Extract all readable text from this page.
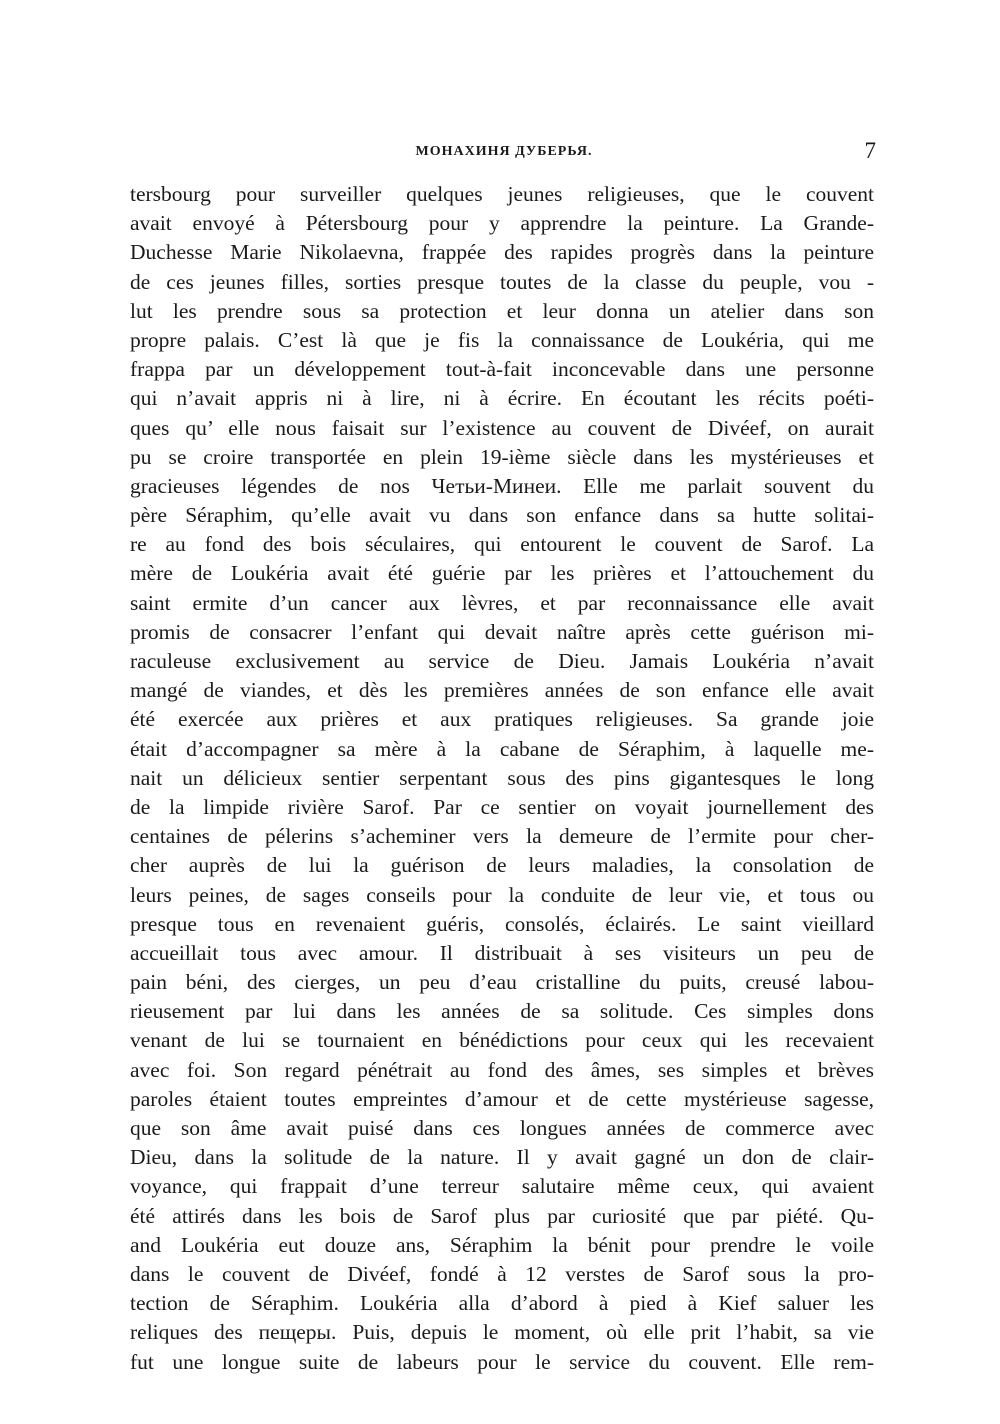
МОНАХИНЯ ДУБЕРЬЯ.	7
tersbourg pour surveiller quelques jeunes religieuses, que le couvent
avait envoyé à Pétersbourg pour y apprendre la peinture. La Grande-
Duchesse Marie Nikolaevna, frappée des rapides progrès dans la peinture
de ces jeunes filles, sorties presque toutes de la classe du peuple, vou -
lut les prendre sous sa protection et leur donna un atelier dans son
propre palais. C’est là que je fis la connaissance de Loukéria, qui me
frappa par un développement tout-à-fait inconcevable dans une personne
qui n’avait appris ni à lire, ni à écrire. En écoutant les récits poéti-
ques qu’ elle nous faisait sur l’existence au couvent de Divéef, on aurait
pu se croire transportée en plein 19-ième siècle dans les mystérieuses et
gracieuses légendes de nos Четьи-Минеи. Elle me parlait souvent du
père Séraphim, qu’elle avait vu dans son enfance dans sa hutte solitai-
re au fond des bois séculaires, qui entourent le couvent de Sarof. La
mère de Loukéria avait été guérie par les prières et l’attouchement du
saint ermite d’un cancer aux lèvres, et par reconnaissance elle avait
promis de consacrer l’enfant qui devait naître après cette guérison mi-
raculeuse exclusivement au service de Dieu. Jamais Loukéria n’avait
mangé de viandes, et dès les premières années de son enfance elle avait
été exercée aux prières et aux pratiques religieuses. Sa grande joie
était d’accompagner sa mère à la cabane de Séraphim, à laquelle me-
nait un délicieux sentier serpentant sous des pins gigantesques le long
de la limpide rivière Sarof. Par ce sentier on voyait journellement des
centaines de pélerins s’acheminer vers la demeure de l’ermite pour cher-
cher auprès de lui la guérison de leurs maladies, la consolation de
leurs peines, de sages conseils pour la conduite de leur vie, et tous ou
presque tous en revenaient guéris, consolés, éclairés. Le saint vieillard
accueillait tous avec amour. Il distribuait à ses visiteurs un peu de
pain béni, des cierges, un peu d’eau cristalline du puits, creusé labou-
rieusement par lui dans les années de sa solitude. Ces simples dons
venant de lui se tournaient en bénédictions pour ceux qui les recevaient
avec foi. Son regard pénétrait au fond des âmes, ses simples et brèves
paroles étaient toutes empreintes d’amour et de cette mystérieuse sagesse,
que son âme avait puisé dans ces longues années de commerce avec
Dieu, dans la solitude de la nature. Il y avait gagné un don de clair-
voyance, qui frappait d’une terreur salutaire même ceux, qui avaient
été attirés dans les bois de Sarof plus par curiosité que par piété. Qu-
and Loukéria eut douze ans, Séraphim la bénit pour prendre le voile
dans le couvent de Divéef, fondé à 12 verstes de Sarof sous la pro-
tection de Séraphim. Loukéria alla d’abord à pied à Kief saluer les
reliques des пещеры. Puis, depuis le moment, où elle prit l’habit, sa vie
fut une longue suite de labeurs pour le service du couvent. Elle rem-
